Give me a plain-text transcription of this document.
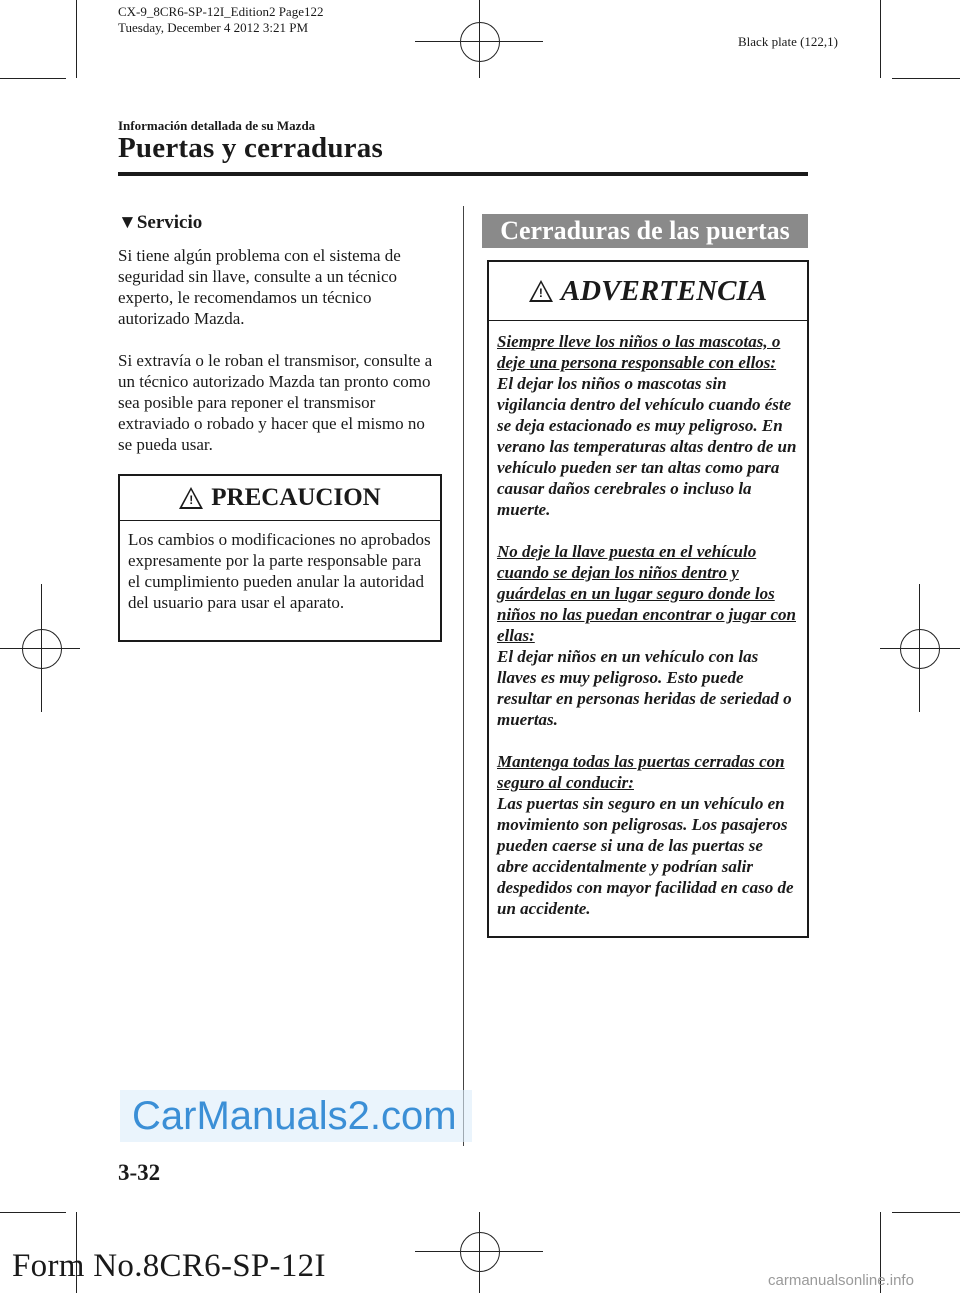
CX-9_8CR6-SP-12I_Edition2 Page122
Tuesday, December 4 2012 3:21 PM
Black plate (122,1)
Información detallada de su Mazda
Puertas y cerraduras
▼Servicio
Si tiene algún problema con el sistema de seguridad sin llave, consulte a un técnico experto, le recomendamos un técnico autorizado Mazda.
Si extravía o le roban el transmisor, consulte a un técnico autorizado Mazda tan pronto como sea posible para reponer el transmisor extraviado o robado y hacer que el mismo no se pueda usar.
! PRECAUCION
Los cambios o modificaciones no aprobados expresamente por la parte responsable para el cumplimiento pueden anular la autoridad del usuario para usar el aparato.
Cerraduras de las puertas
! ADVERTENCIA

Siempre lleve los niños o las mascotas, o deje una persona responsable con ellos:
El dejar los niños o mascotas sin vigilancia dentro del vehículo cuando éste se deja estacionado es muy peligroso. En verano las temperaturas altas dentro de un vehículo pueden ser tan altas como para causar daños cerebrales o incluso la muerte.

No deje la llave puesta en el vehículo cuando se dejan los niños dentro y guárdelas en un lugar seguro donde los niños no las puedan encontrar o jugar con ellas:
El dejar niños en un vehículo con las llaves es muy peligroso. Esto puede resultar en personas heridas de seriedad o muertas.

Mantenga todas las puertas cerradas con seguro al conducir:
Las puertas sin seguro en un vehículo en movimiento son peligrosas. Los pasajeros pueden caerse si una de las puertas se abre accidentalmente y podrían salir despedidos con mayor facilidad en caso de un accidente.

CarManuals2.com
3-32
Form No.8CR6-SP-12I	carmanualsonline.info
